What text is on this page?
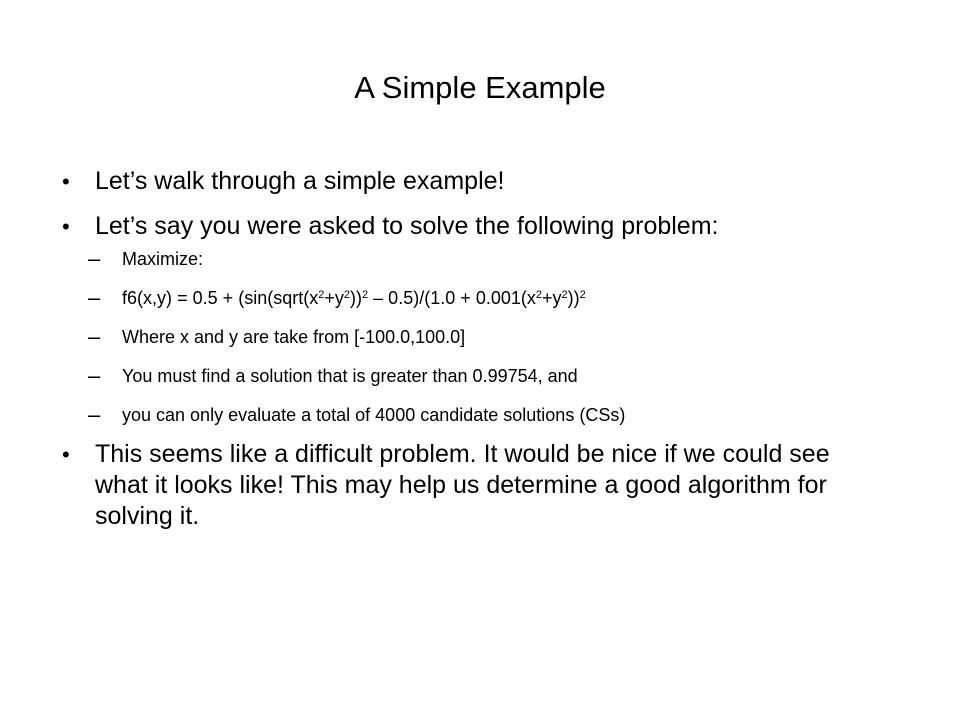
A Simple Example
• Let’s walk through a simple example!
• Let’s say you were asked to solve the following problem:
– Maximize:
– $f6(x,y) = 0.5 + (\sin(sqrt(x^2+y^2))^2 - 0.5)/(1.0 + 0.001(x^2+y^2))^2$
– Where x and y are take from [-100.0,100.0]
– You must find a solution that is greater than 0.99754, and
– you can only evaluate a total of 4000 candidate solutions (CSs)
• This seems like a difficult problem. It would be nice if we could see what it looks like! This may help us determine a good algorithm for solving it.
